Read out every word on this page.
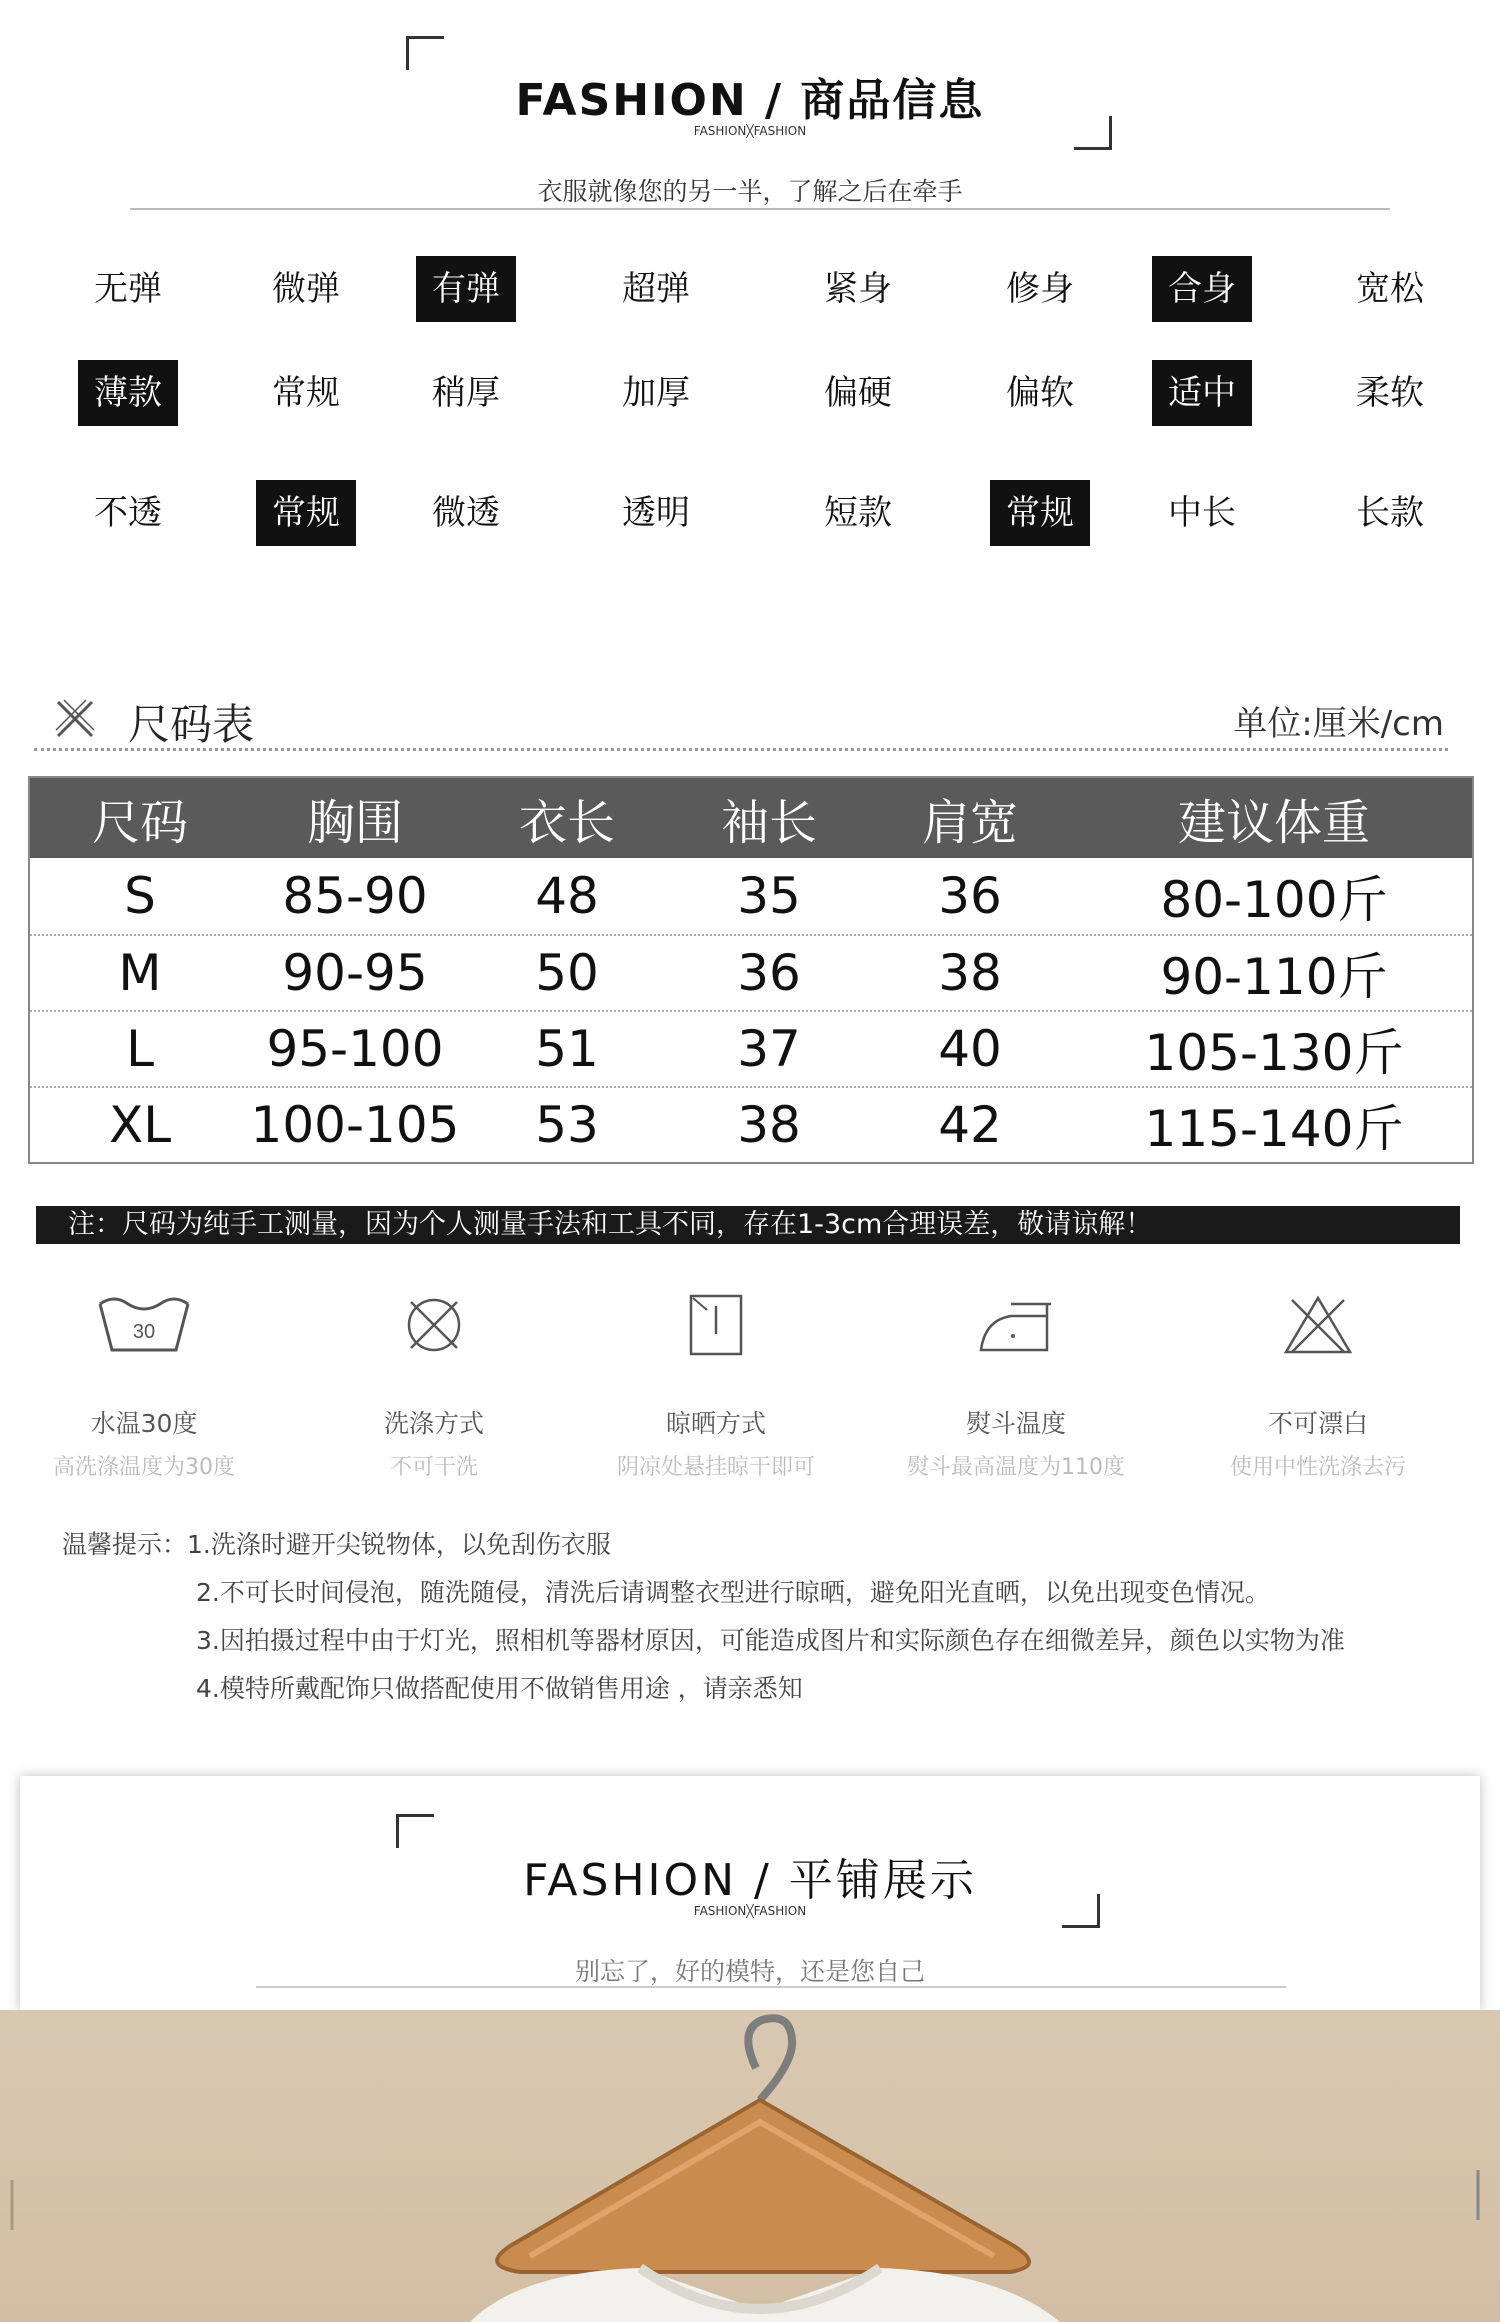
FASHION / 商品信息
FASHION╳FASHION
衣服就像您的另一半，了解之后在牵手
无弹	微弹	有弹	超弹	紧身	修身	合身	宽松
薄款	常规	稍厚	加厚	偏硬	偏软	适中	柔软
不透	常规	微透	透明	短款	常规	中长	长款
尺码表	单位:厘米/cm
尺码	胸围	衣长	袖长	肩宽	建议体重
S	85-90	48	35	36	80-100斤
M	90-95	50	36	38	90-110斤
L	95-100	51	37	40	105-130斤
XL	100-105	53	38	42	115-140斤
注：尺码为纯手工测量，因为个人测量手法和工具不同，存在1-3cm合理误差，敬请谅解！
30
水温30度
高洗涤温度为30度
洗涤方式
不可干洗
晾晒方式
阴凉处悬挂晾干即可
熨斗温度
熨斗最高温度为110度
不可漂白
使用中性洗涤去污
温馨提示：1.洗涤时避开尖锐物体，以免刮伤衣服
2.不可长时间侵泡，随洗随侵，清洗后请调整衣型进行晾晒，避免阳光直晒，以免出现变色情况。
3.因拍摄过程中由于灯光，照相机等器材原因，可能造成图片和实际颜色存在细微差异，颜色以实物为准
4.模特所戴配饰只做搭配使用不做销售用途 ，请亲悉知
FASHION / 平铺展示
FASHION╳FASHION
别忘了，好的模特，还是您自己
